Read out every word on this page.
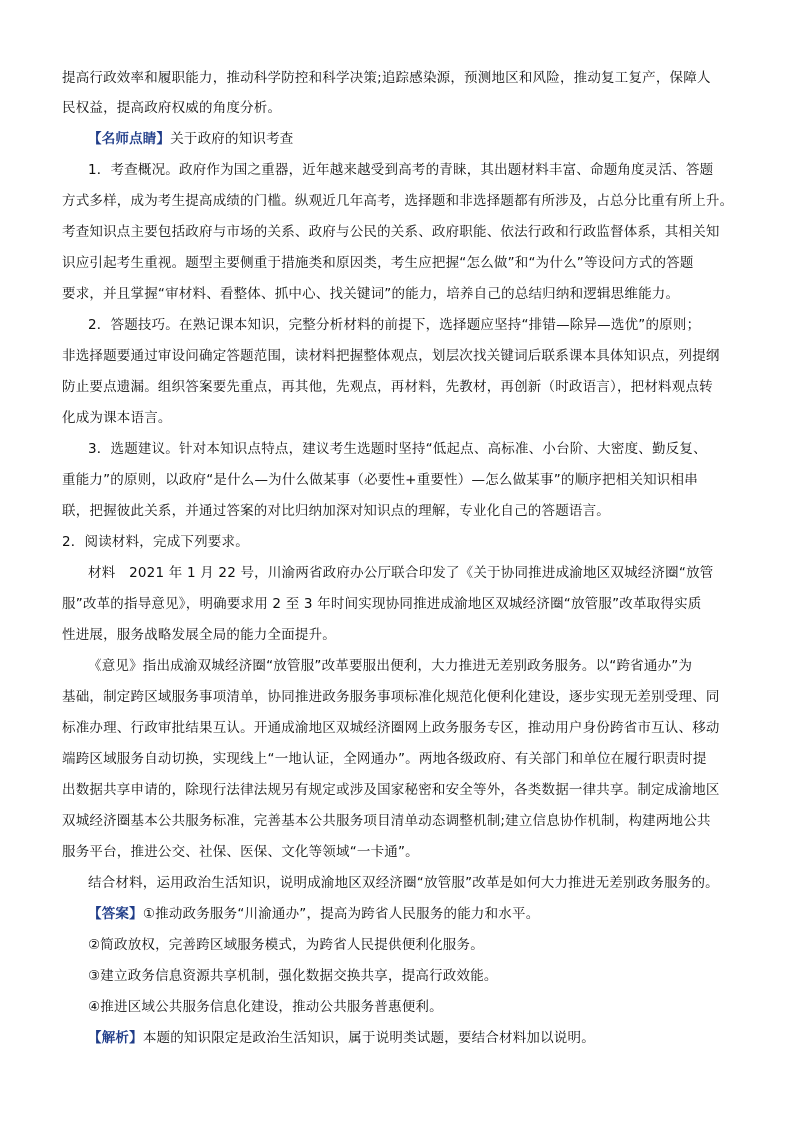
提高行政效率和履职能力，推动科学防控和科学决策;追踪感染源，预测地区和风险，推动复工复产，保障人
民权益，提高政府权威的角度分析。
【名师点睛】关于政府的知识考查
1．考查概况。政府作为国之重器，近年越来越受到高考的青睐，其出题材料丰富、命题角度灵活、答题
方式多样，成为考生提高成绩的门槛。纵观近几年高考，选择题和非选择题都有所涉及，占总分比重有所上升。
考查知识点主要包括政府与市场的关系、政府与公民的关系、政府职能、依法行政和行政监督体系，其相关知
识应引起考生重视。题型主要侧重于措施类和原因类，考生应把握“怎么做”和“为什么”等设问方式的答题
要求，并且掌握“审材料、看整体、抓中心、找关键词”的能力，培养自己的总结归纳和逻辑思维能力。
2．答题技巧。在熟记课本知识，完整分析材料的前提下，选择题应坚持“排错—除异—选优”的原则；
非选择题要通过审设问确定答题范围，读材料把握整体观点，划层次找关键词后联系课本具体知识点，列提纲
防止要点遗漏。组织答案要先重点，再其他，先观点，再材料，先教材，再创新（时政语言），把材料观点转
化成为课本语言。
3．选题建议。针对本知识点特点，建议考生选题时坚持“低起点、高标准、小台阶、大密度、勤反复、
重能力”的原则，以政府“是什么—为什么做某事（必要性+重要性）—怎么做某事”的顺序把相关知识相串
联，把握彼此关系，并通过答案的对比归纳加深对知识点的理解，专业化自己的答题语言。
2．阅读材料，完成下列要求。
材料　2021 年 1 月 22 号，川渝两省政府办公厅联合印发了《关于协同推进成渝地区双城经济圈“放管
服”改革的指导意见》，明确要求用 2 至 3 年时间实现协同推进成渝地区双城经济圈“放管服”改革取得实质
性进展，服务战略发展全局的能力全面提升。
《意见》指出成渝双城经济圈“放管服”改革要服出便利，大力推进无差别政务服务。以“跨省通办”为
基础，制定跨区域服务事项清单，协同推进政务服务事项标准化规范化便利化建设，逐步实现无差别受理、同
标准办理、行政审批结果互认。开通成渝地区双城经济圈网上政务服务专区，推动用户身份跨省市互认、移动
端跨区域服务自动切换，实现线上“一地认证，全网通办”。两地各级政府、有关部门和单位在履行职责时提
出数据共享申请的，除现行法律法规另有规定或涉及国家秘密和安全等外，各类数据一律共享。制定成渝地区
双城经济圈基本公共服务标准，完善基本公共服务项目清单动态调整机制;建立信息协作机制，构建两地公共
服务平台，推进公交、社保、医保、文化等领域“一卡通”。
结合材料，运用政治生活知识，说明成渝地区双经济圈“放管服”改革是如何大力推进无差别政务服务的。
【答案】①推动政务服务“川渝通办”，提高为跨省人民服务的能力和水平。
②简政放权，完善跨区域服务模式，为跨省人民提供便利化服务。
③建立政务信息资源共享机制，强化数据交换共享，提高行政效能。
④推进区域公共服务信息化建设，推动公共服务普惠便利。
【解析】本题的知识限定是政治生活知识，属于说明类试题，要结合材料加以说明。
